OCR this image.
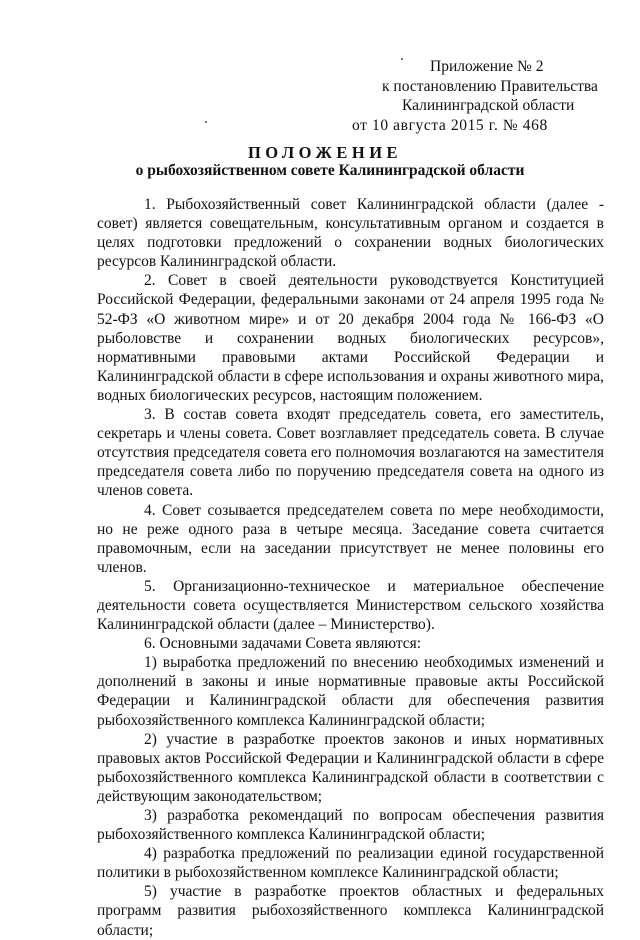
Приложение № 2
к постановлению Правительства
Калининградской области
от 10 августа 2015 г. № 468
ПОЛОЖЕНИЕ
о рыбохозяйственном совете Калининградской области

1. Рыбохозяйственный совет Калининградской области (далее - совет) является совещательным, консультативным органом и создается в целях подготовки предложений о сохранении водных биологических ресурсов Калининградской области.

2. Совет в своей деятельности руководствуется Конституцией Российской Федерации, федеральными законами от 24 апреля 1995 года № 52-ФЗ «О животном мире» и от 20 декабря 2004 года № 166-ФЗ «О рыболовстве и сохранении водных биологических ресурсов», нормативными правовыми актами Российской Федерации и Калининградской области в сфере использования и охраны животного мира, водных биологических ресурсов, настоящим положением.

3. В состав совета входят председатель совета, его заместитель, секретарь и члены совета. Совет возглавляет председатель совета. В случае отсутствия председателя совета его полномочия возлагаются на заместителя председателя совета либо по поручению председателя совета на одного из членов совета.

4. Совет созывается председателем совета по мере необходимости, но не реже одного раза в четыре месяца. Заседание совета считается правомочным, если на заседании присутствует не менее половины его членов.

5. Организационно-техническое и материальное обеспечение деятельности совета осуществляется Министерством сельского хозяйства Калининградской области (далее – Министерство).

6. Основными задачами Совета являются:

1) выработка предложений по внесению необходимых изменений и дополнений в законы и иные нормативные правовые акты Российской Федерации и Калининградской области для обеспечения развития рыбохозяйственного комплекса Калининградской области;

2) участие в разработке проектов законов и иных нормативных правовых актов Российской Федерации и Калининградской области в сфере рыбохозяйственного комплекса Калининградской области в соответствии с действующим законодательством;

3) разработка рекомендаций по вопросам обеспечения развития рыбохозяйственного комплекса Калининградской области;

4) разработка предложений по реализации единой государственной политики в рыбохозяйственном комплексе Калининградской области;

5) участие в разработке проектов областных и федеральных программ развития рыбохозяйственного комплекса Калининградской области;
